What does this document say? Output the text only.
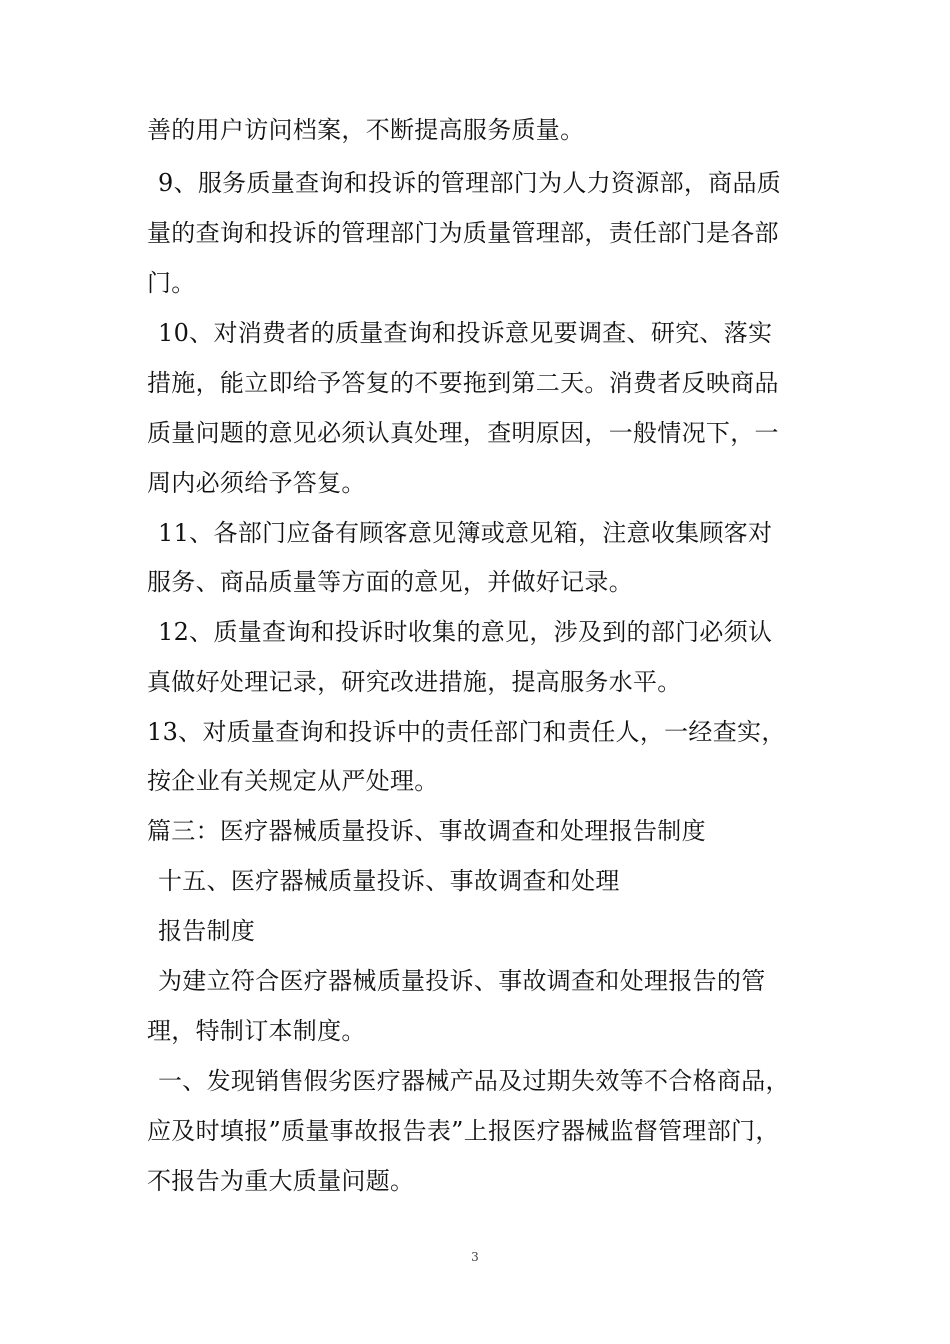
善的用户访问档案，不断提高服务质量。
9、服务质量查询和投诉的管理部门为人力资源部，商品质
量的查询和投诉的管理部门为质量管理部，责任部门是各部
门。
10、对消费者的质量查询和投诉意见要调查、研究、落实
措施，能立即给予答复的不要拖到第二天。消费者反映商品
质量问题的意见必须认真处理，查明原因，一般情况下，一
周内必须给予答复。
11、各部门应备有顾客意见簿或意见箱，注意收集顾客对
服务、商品质量等方面的意见，并做好记录。
12、质量查询和投诉时收集的意见，涉及到的部门必须认
真做好处理记录，研究改进措施，提高服务水平。
13、对质量查询和投诉中的责任部门和责任人，一经查实，
按企业有关规定从严处理。
篇三：医疗器械质量投诉、事故调查和处理报告制度
十五、医疗器械质量投诉、事故调查和处理
报告制度
为建立符合医疗器械质量投诉、事故调查和处理报告的管
理，特制订本制度。
一、发现销售假劣医疗器械产品及过期失效等不合格商品，
应及时填报”质量事故报告表”上报医疗器械监督管理部门，
不报告为重大质量问题。
3
